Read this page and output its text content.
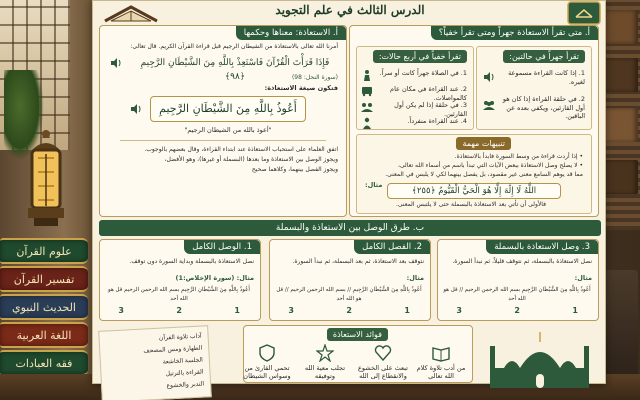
علوم القرآن
تفسير القرآن
الحديث النبوي
اللغة العربية
فقه العبادات
الدرس الثالث في علم التجويد
أ. متى تقرأ الاستعاذة جهراً ومتى تقرأ خفياً؟
تقرأ جهراً في حالتين:
1. إذا كانت القراءة مسموعة لغيره.
2. في حلقة القراءة إذا كان هو أول القارئين، ويكفي بعده عن الباقين.
تقرأ خفياً في أربع حالات:
1. في الصلاة جهراً كانت أو سراً.
2. عند القراءة في مكان عام كالمواصلات.
3. في حلقة إذا لم يكن أول القارئين.
4. عند القراءة منفرداً.
تنبيهات مهمة
• إذا أردت قراءة من وسط السورة فابدأ بالاستعاذة.
• لا يصلح وصل الاستعاذة ببعض الآيات التي تبدأ باسم من أسماء الله تعالى،
مما قد يوهم السامع معنى غير مقصود، بل يفصل بينهما لكي لا يلبس في المعنى.
مثال:
اللَّهُ لَا إِلَٰهَ إِلَّا هُوَ الْحَيُّ الْقَيُّومُ ﴿٢٥٥﴾
فالأولى أن تأتي بعد الاستعاذة بالبسملة حتى لا يلتبس المعنى.
أ. الاستعاذة: معناها وحكمها
أمرنا الله تعالى بالاستعاذة من الشيطان الرجيم قبل قراءة القرآن الكريم. قال تعالى:
فَإِذَا قَرَأْتَ الْقُرْآنَ فَاسْتَعِذْ بِاللَّهِ مِنَ الشَّيْطَانِ الرَّجِيمِ ﴿٩٨﴾	(سورة النحل: 98)
فتكون صيغة الاستعاذة:
أَعُوذُ بِاللَّهِ مِنَ الشَّيْطَانِ الرَّجِيمِ
"أعوذ بالله من الشيطان الرجيم"
اتفق العلماء على استحباب الاستعاذة عند ابتداء القراءة، وقال بعضهم بالوجوب.
ويجوز الوصل بين الاستعاذة وما بعدها (البسملة أو غيرها)، وهو الأفضل،
ويجوز الفصل بينهما، وكلاهما صحيح
ب. طرق الوصل بين الاستعاذة والبسملة
3. وصل الاستعاذة بالبسملة
نصل الاستعاذة بالبسملة، ثم نتوقف قليلاً، ثم نبدأ السورة.
مثال:
أَعُوذُ بِاللَّهِ مِنَ الشَّيْطَانِ الرَّجِيمِ بسم الله الرحمن الرحيم // قل هو الله أحد
1
2
3
2. الفصل الكامل
نتوقف بعد الاستعاذة، ثم بعد البسملة، ثم نبدأ السورة.
مثال:
أَعُوذُ بِاللَّهِ مِنَ الشَّيْطَانِ الرَّجِيمِ // بسم الله الرحمن الرحيم // قل هو الله أحد
1
2
3
1. الوصل الكامل
نصل الاستعاذة بالبسملة وبداية السورة دون توقف.
مثال: (سورة الإخلاص:1)
أَعُوذُ بِاللَّهِ مِنَ الشَّيْطَانِ الرَّجِيمِ بسم الله الرحمن الرحيم قل هو الله أحد
1
2
3
فوائد الاستعاذة
من أدب تلاوة كلام الله تعالى
تبعث على الخشوع والانقطاع إلى الله
تجلب معية الله وتوفيقه
تحمي القارئ من وسواس الشيطان
آداب تلاوة القرآن
الطهارة ومس المصحف
الجلسة الخاشعة
القراءة بالترتيل
التدبر والخشوع
